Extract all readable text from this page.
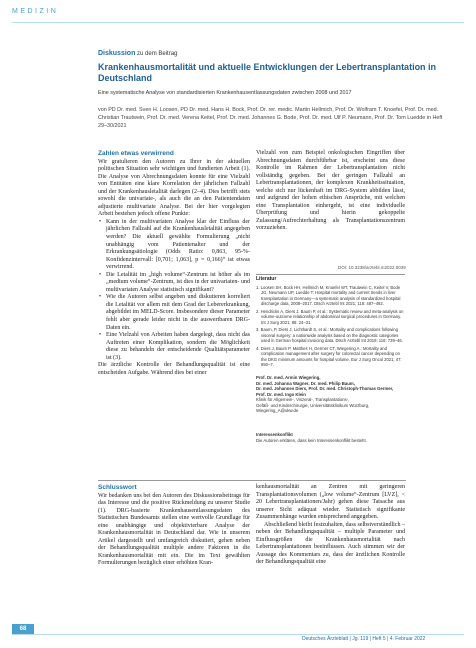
MEDIZIN
Diskussion zu dem Beitrag
Krankenhausmortalität und aktuelle Entwicklungen der Lebertransplantation in Deutschland
Eine systematische Analyse von standardisierten Krankenhausentlassungsdaten zwischen 2008 und 2017
von PD Dr. med. Sven H. Loosen, PD Dr. med. Hans H. Bock, Prof. Dr. rer. medic. Martin Hellmich, Prof. Dr. Wolfram T. Knoefel, Prof. Dr. med. Christian Trautwein, Prof. Dr. med. Verena Keitel, Prof. Dr. med. Johannes G. Bode, Prof. Dr. med. Ulf P. Neumann, Prof. Dr. Tom Luedde in Heft 29–30/2021
Zahlen etwas verwirrend

Wir gratulieren den Autoren zu Ihrer in der aktuellen politischen Situation sehr wichtigen und fundierten Arbeit (1). Die Analyse von Abrechnungsdaten konnte für eine Vielzahl von Entitäten eine klare Korrelation der jährlichen Fallzahl und der Krankenhausletalität darlegen (2–4). Dies betrifft stets sowohl die univariate-, als auch die an den Patientendaten adjustierte multivariate Analyse. Bei der hier vorgelegten Arbeit bestehen jedoch offene Punkte:

• Kann in der multivariaten Analyse klar der Einfluss der jährlichen Fallzahl auf die Krankenhausletalität angegeben werden? Die aktuell gewählte Formulierung „nicht unabhängig vom Patientenalter und der Erkrankungsätiologie (Odds Ratio: 0,863, 95-%-Konfidenzintervall: [0,701; 1,063], p = 0,166)“ ist etwas verwirrend.
• Die Letalität im „high volume“-Zentrum ist höher als im „medium volume“-Zentrum, ist dies in der univariaten- und multivariaten Analyse statistisch signifikant?
• Wie die Autoren selbst angeben und diskutieren korreliert die Letalität vor allem mit dem Grad der Lebererkrankung, abgebildet im MELD-Score. Insbesondere dieser Parameter fehlt aber gerade leider nicht in die auswertbaren DRG-Daten ein.
• Eine Vielzahl von Arbeiten haben dargelegt, dass nicht das Auftreten einer Komplikation, sondern die Möglichkeit diese zu behandeln der entscheidende Qualitätsparameter ist (3).

Die ärztliche Kontrolle der Behandlungsqualität ist eine entscheiden Aufgabe. Während dies bei einer

Vielzahl von zum Beispiel onkologischen Eingriffen über Abrechnungsdaten durchführbar ist, erscheint uns diese Kontrolle im Rahmen der Lebertransplantation nicht vollständig gegeben. Bei der geringen Fallzahl an Lebertransplantationen, der komplexen Krankheitssituation, welche sich nur lückenhaft im DRG-System abbilden lässt, und aufgrund der hohen ethischen Ansprüche, mit welchen eine Transplantation einhergeht, ist eine individuelle Überprüfung und hierin gekoppelte Zulassung/Aufrechterhaltung als Transplantationszentrum vorzuziehen.

DOI: 10.3238/arztebl.m2022.0039
Literatur
1. Loosen SH, Bock HH, Hellmich M, Knoefel WT, Trautwein C, Keitel V, Bode JG, Neumann UP, Luedde T: Hospital mortality and current trends in liver transplantation in Germany—a systematic analysis of standardized hospital discharge data, 2008–2017. Dtsch Arztebl Int 2021; 118: 487–492.
2. Hendricks A, Diers J, Baum P, et al.: Systematic review and meta-analysis on volume-outcome relationship of abdominal surgical procedures in Germany. Int J Surg 2021; 86: 24–31.
3. Baum, P, Diers J, Lichthardt S, et al.: Mortality and complications following visceral surgery: a nationwide analysis based on the diagnostic categories used in German hospital invoicing data. Dtsch Arztebl Int 2019; 116: 739–46.
4. Diers J, Baum P, Matthes H, Germer CT, Wiegering A.: Mortality and complication management after surgery for colorectal cancer depending on the DKG minimum amounts for hospital volume. Eur J Surg Oncol 2021; 47: 850–7.
Prof. Dr. med. Armin Wiegering,
Dr. med. Johanna Wagner, Dr. med. Philip Baum,
Dr. med. Johannes Diers, Prof. Dr. med. Christoph-Thomas Germer,
Prof. Dr. med. Ingo Klein
Klinik für Allgemein-, Viszeral-, Transplantations-,
Gefäß- und Kinderchirurgie, Universitätsklinikum Würzburg,
Wiegering_A@ukw.de
Interessenkonflikt
Die Autoren erklären, dass kein Interessenkonflikt besteht.
Schlusswort

Wir bedanken uns bei den Autoren des Diskussionsbeitrags für das Interesse und die positive Rückmeldung zu unserer Studie (1). DRG-basierte Krankenhausentlassungsdaten des Statistischen Bundesamts stellen eine wertvolle Grundlage für eine unabhängige und objektivierbare Analyse der Krankenhausmortalität in Deutschland dar. Wie in unserem Artikel dargestellt und umfangreich diskutiert, gehen neben der Behandlungsqualität multiple andere Faktoren in die Krankenhausmortalität mit ein. Die im Text gewählten Formulierungen bezüglich einer erhöhten Kran-

kenhausmortalität an Zentren mit geringeren Transplantationsvolumen („low volume“-Zentrum [LVZ], < 20 Lebertransplantationen/Jahr) gehen diese Tatsache aus unserer Sicht adäquat wieder. Statistisch signifikante Zusammenhänge wurden entsprechend angegeben.

Abschließend bleibt festzuhalten, dass selbstverständlich – neben der Behandlungsqualität – multiple Parameter und Einflussgrößen die Krankenhausmortalität nach Lebertransplantationen beeinflussen. Auch stimmen wir der Aussage des Kommentars zu, dass der ärztlichen Kontrolle der Behandlungsqualität eine

68
Deutsches Ärzteblatt | Jg. 119 | Heft 5 | 4. Februar 2022
